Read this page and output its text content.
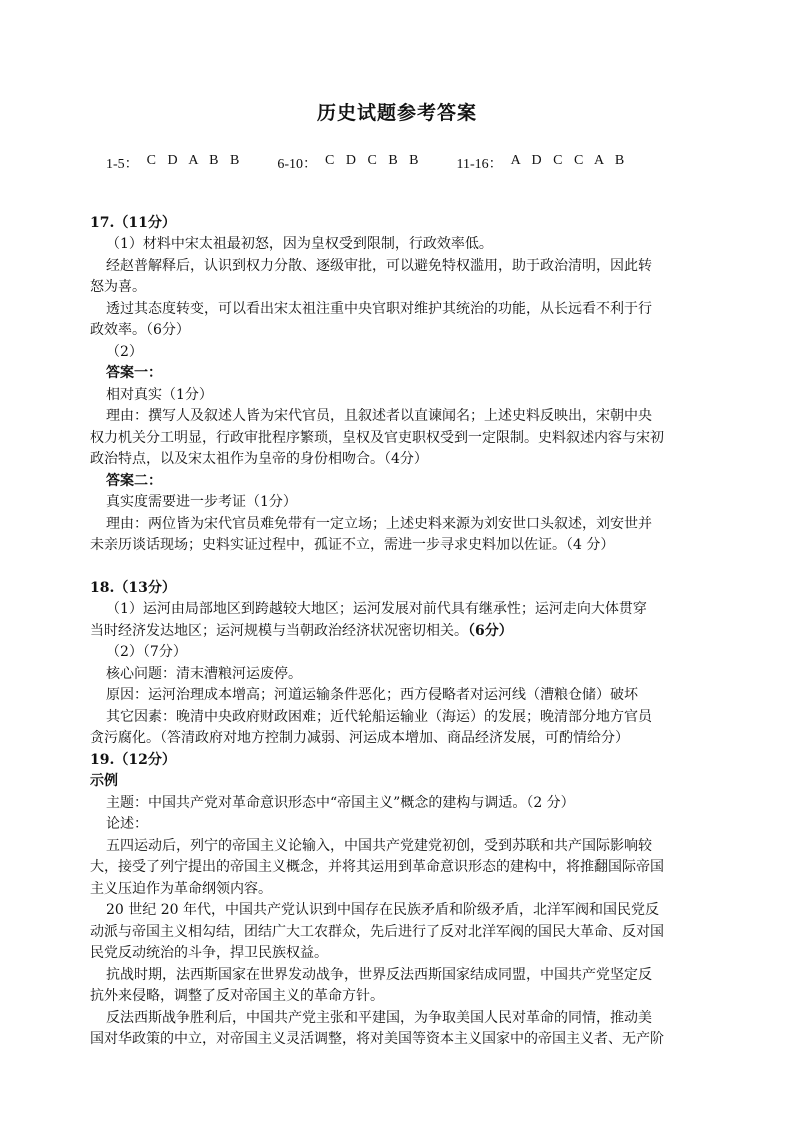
历史试题参考答案
1-5： C D A B B 6-10： C D C B B 11-16： A D C C A B
17.（11分）
（1）材料中宋太祖最初怒，因为皇权受到限制，行政效率低。
经赵普解释后，认识到权力分散、逐级审批，可以避免特权滥用，助于政治清明，因此转
怒为喜。
透过其态度转变，可以看出宋太祖注重中央官职对维护其统治的功能，从长远看不利于行
政效率。（6分）
（2）
答案一：
相对真实（1分）
理由：撰写人及叙述人皆为宋代官员，且叙述者以直谏闻名；上述史料反映出，宋朝中央
权力机关分工明显，行政审批程序繁琐，皇权及官吏职权受到一定限制。史料叙述内容与宋初
政治特点，以及宋太祖作为皇帝的身份相吻合。（4分）
答案二：
真实度需要进一步考证（1分）
理由：两位皆为宋代官员难免带有一定立场；上述史料来源为刘安世口头叙述，刘安世并
未亲历谈话现场；史料实证过程中，孤证不立，需进一步寻求史料加以佐证。（4 分）
18.（13分）
（1）运河由局部地区到跨越较大地区；运河发展对前代具有继承性；运河走向大体贯穿
当时经济发达地区；运河规模与当朝政治经济状况密切相关。（6分）
（2）（7分）
核心问题：清末漕粮河运废停。
原因：运河治理成本增高；河道运输条件恶化；西方侵略者对运河线（漕粮仓储）破坏
其它因素：晚清中央政府财政困难；近代轮船运输业（海运）的发展；晚清部分地方官员
贪污腐化。（答清政府对地方控制力减弱、河运成本增加、商品经济发展，可酌情给分）
19.（12分）
示例
主题：中国共产党对革命意识形态中“帝国主义”概念的建构与调适。（2 分）
论述：
五四运动后，列宁的帝国主义论输入，中国共产党建党初创，受到苏联和共产国际影响较
大，接受了列宁提出的帝国主义概念，并将其运用到革命意识形态的建构中，将推翻国际帝国
主义压迫作为革命纲领内容。
20 世纪 20 年代，中国共产党认识到中国存在民族矛盾和阶级矛盾，北洋军阀和国民党反
动派与帝国主义相勾结，团结广大工农群众，先后进行了反对北洋军阀的国民大革命、反对国
民党反动统治的斗争，捍卫民族权益。
抗战时期，法西斯国家在世界发动战争，世界反法西斯国家结成同盟，中国共产党坚定反
抗外来侵略，调整了反对帝国主义的革命方针。
反法西斯战争胜利后，中国共产党主张和平建国，为争取美国人民对革命的同情，推动美
国对华政策的中立，对帝国主义灵活调整，将对美国等资本主义国家中的帝国主义者、无产阶
